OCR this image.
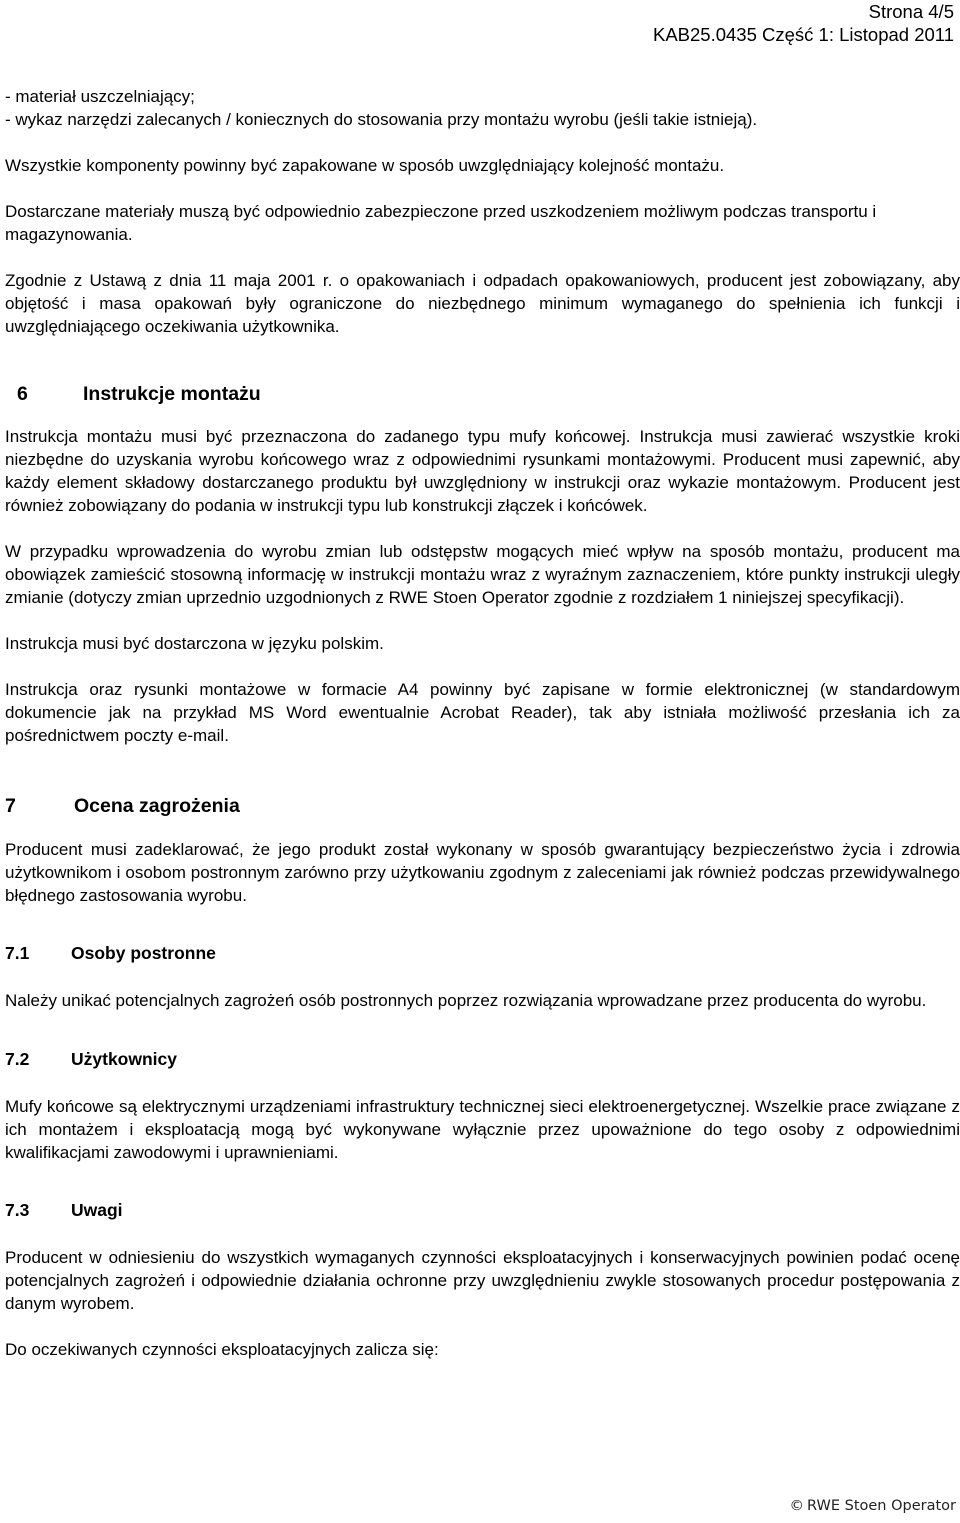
Strona 4/5
KAB25.0435 Część 1: Listopad 2011

- materiał uszczelniający;

- wykaz narzędzi zalecanych / koniecznych do stosowania przy montażu wyrobu (jeśli takie istnieją).

Wszystkie komponenty powinny być zapakowane w sposób uwzględniający kolejność montażu.

Dostarczane materiały muszą być odpowiednio zabezpieczone przed uszkodzeniem możliwym podczas transportu i magazynowania.

Zgodnie z Ustawą z dnia 11 maja 2001 r. o opakowaniach i odpadach opakowaniowych, producent jest zobowiązany, aby objętość i masa opakowań były ograniczone do niezbędnego minimum wymaganego do spełnienia ich funkcji i uwzględniającego oczekiwania użytkownika.

6	Instrukcje montażu

Instrukcja montażu musi być przeznaczona do zadanego typu mufy końcowej. Instrukcja musi zawierać wszystkie kroki niezbędne do uzyskania wyrobu końcowego wraz z odpowiednimi rysunkami montażowymi. Producent musi zapewnić, aby każdy element składowy dostarczanego produktu był uwzględniony w instrukcji oraz wykazie montażowym. Producent jest również zobowiązany do podania w instrukcji typu lub konstrukcji złączek i końcówek.

W przypadku wprowadzenia do wyrobu zmian lub odstępstw mogących mieć wpływ na sposób montażu, producent ma obowiązek zamieścić stosowną informację w instrukcji montażu wraz z wyraźnym zaznaczeniem, które punkty instrukcji uległy zmianie (dotyczy zmian uprzednio uzgodnionych z RWE Stoen Operator zgodnie z rozdziałem 1 niniejszej specyfikacji).

Instrukcja musi być dostarczona w języku polskim.

Instrukcja oraz rysunki montażowe w formacie A4 powinny być zapisane w formie elektronicznej (w standardowym dokumencie jak na przykład MS Word ewentualnie Acrobat Reader), tak aby istniała możliwość przesłania ich za pośrednictwem poczty e-mail.

7	Ocena zagrożenia

Producent musi zadeklarować, że jego produkt został wykonany w sposób gwarantujący bezpieczeństwo życia i zdrowia użytkownikom i osobom postronnym zarówno przy użytkowaniu zgodnym z zaleceniami jak również podczas przewidywalnego błędnego zastosowania wyrobu.

7.1 Osoby postronne

Należy unikać potencjalnych zagrożeń osób postronnych poprzez rozwiązania wprowadzane przez producenta do wyrobu.

7.2 Użytkownicy

Mufy końcowe są elektrycznymi urządzeniami infrastruktury technicznej sieci elektroenergetycznej. Wszelkie prace związane z ich montażem i eksploatacją mogą być wykonywane wyłącznie przez upoważnione do tego osoby z odpowiednimi kwalifikacjami zawodowymi i uprawnieniami.

7.3 Uwagi

Producent w odniesieniu do wszystkich wymaganych czynności eksploatacyjnych i konserwacyjnych powinien podać ocenę potencjalnych zagrożeń i odpowiednie działania ochronne przy uwzględnieniu zwykle stosowanych procedur postępowania z danym wyrobem.

Do oczekiwanych czynności eksploatacyjnych zalicza się:

© RWE Stoen Operator
